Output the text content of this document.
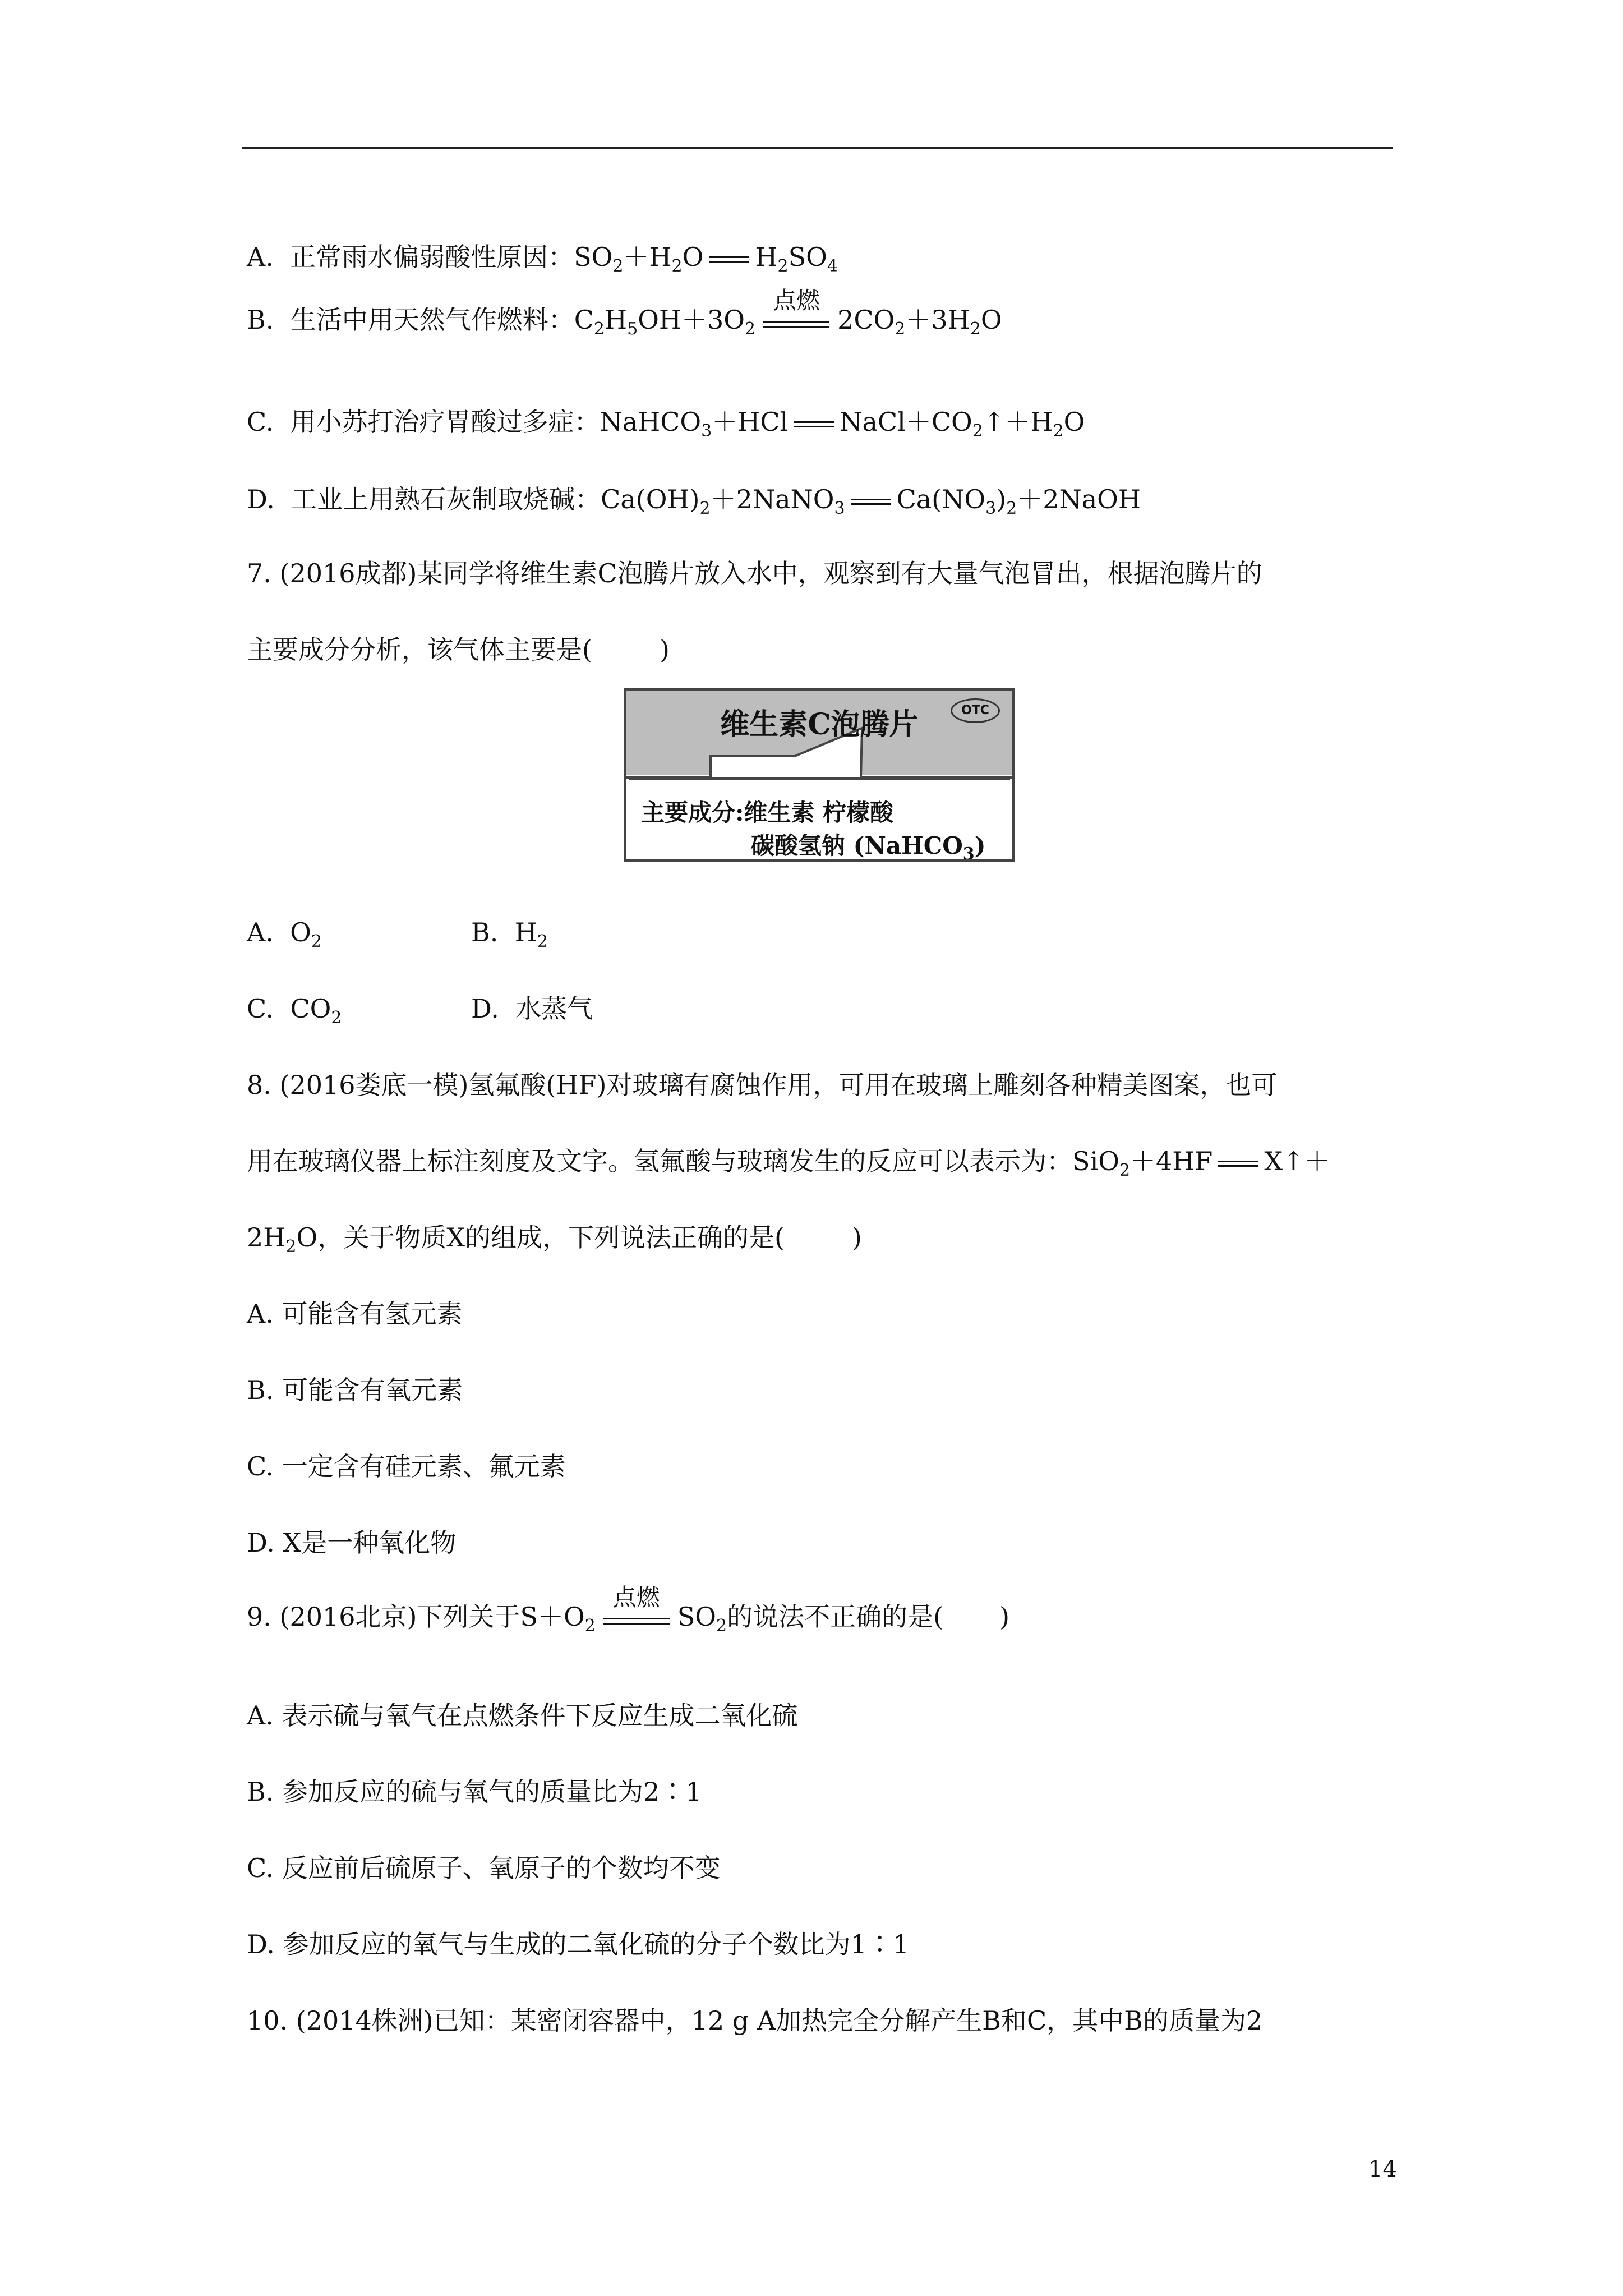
A. 正常雨水偏弱酸性原因：$SO_2+H_2O$ $H_2SO_4$
B. 生活中用天然气作燃料：$C_2H_5OH+3O_2$
点燃
$2CO_2+3H_2O$
C. 用小苏打治疗胃酸过多症：NaHCO$_3$＋HCl $NaCl+CO_2↑+H_2O$
D. 工业上用熟石灰制取烧碱：$Ca(OH)_2+2NaNO_3$ $Ca(NO_3)_2+2NaOH$
7. (2016成都)某同学将维生素C泡腾片放入水中，观察到有大量气泡冒出，根据泡腾片的
主要成分分析，该气体主要是(	)
维生素C泡腾片	OTC
主要成分:维生素 柠檬酸
碳酸氢钠 (NaHCO$_3$)
A. $O_2$	B. $H_2$
C. $CO_2$	D. 水蒸气
8. (2016娄底一模)氢氟酸(HF)对玻璃有腐蚀作用，可用在玻璃上雕刻各种精美图案，也可
用在玻璃仪器上标注刻度及文字。氢氟酸与玻璃发生的反应可以表示为：SiO$_2$＋4HF X↑＋
$2H_2O$，关于物质X的组成，下列说法正确的是(	)
A. 可能含有氢元素
B. 可能含有氧元素
C. 一定含有硅元素、氟元素
D. X是一种氧化物
9. (2016北京)下列关于$S+O_2$
点燃
$SO_2$的说法不正确的是( )
A. 表示硫与氧气在点燃条件下反应生成二氧化硫
B. 参加反应的硫与氧气的质量比为2∶1
C. 反应前后硫原子、氧原子的个数均不变
D. 参加反应的氧气与生成的二氧化硫的分子个数比为1∶1
10. (2014株洲)已知：某密闭容器中，12 g A加热完全分解产生B和C，其中B的质量为2
14
